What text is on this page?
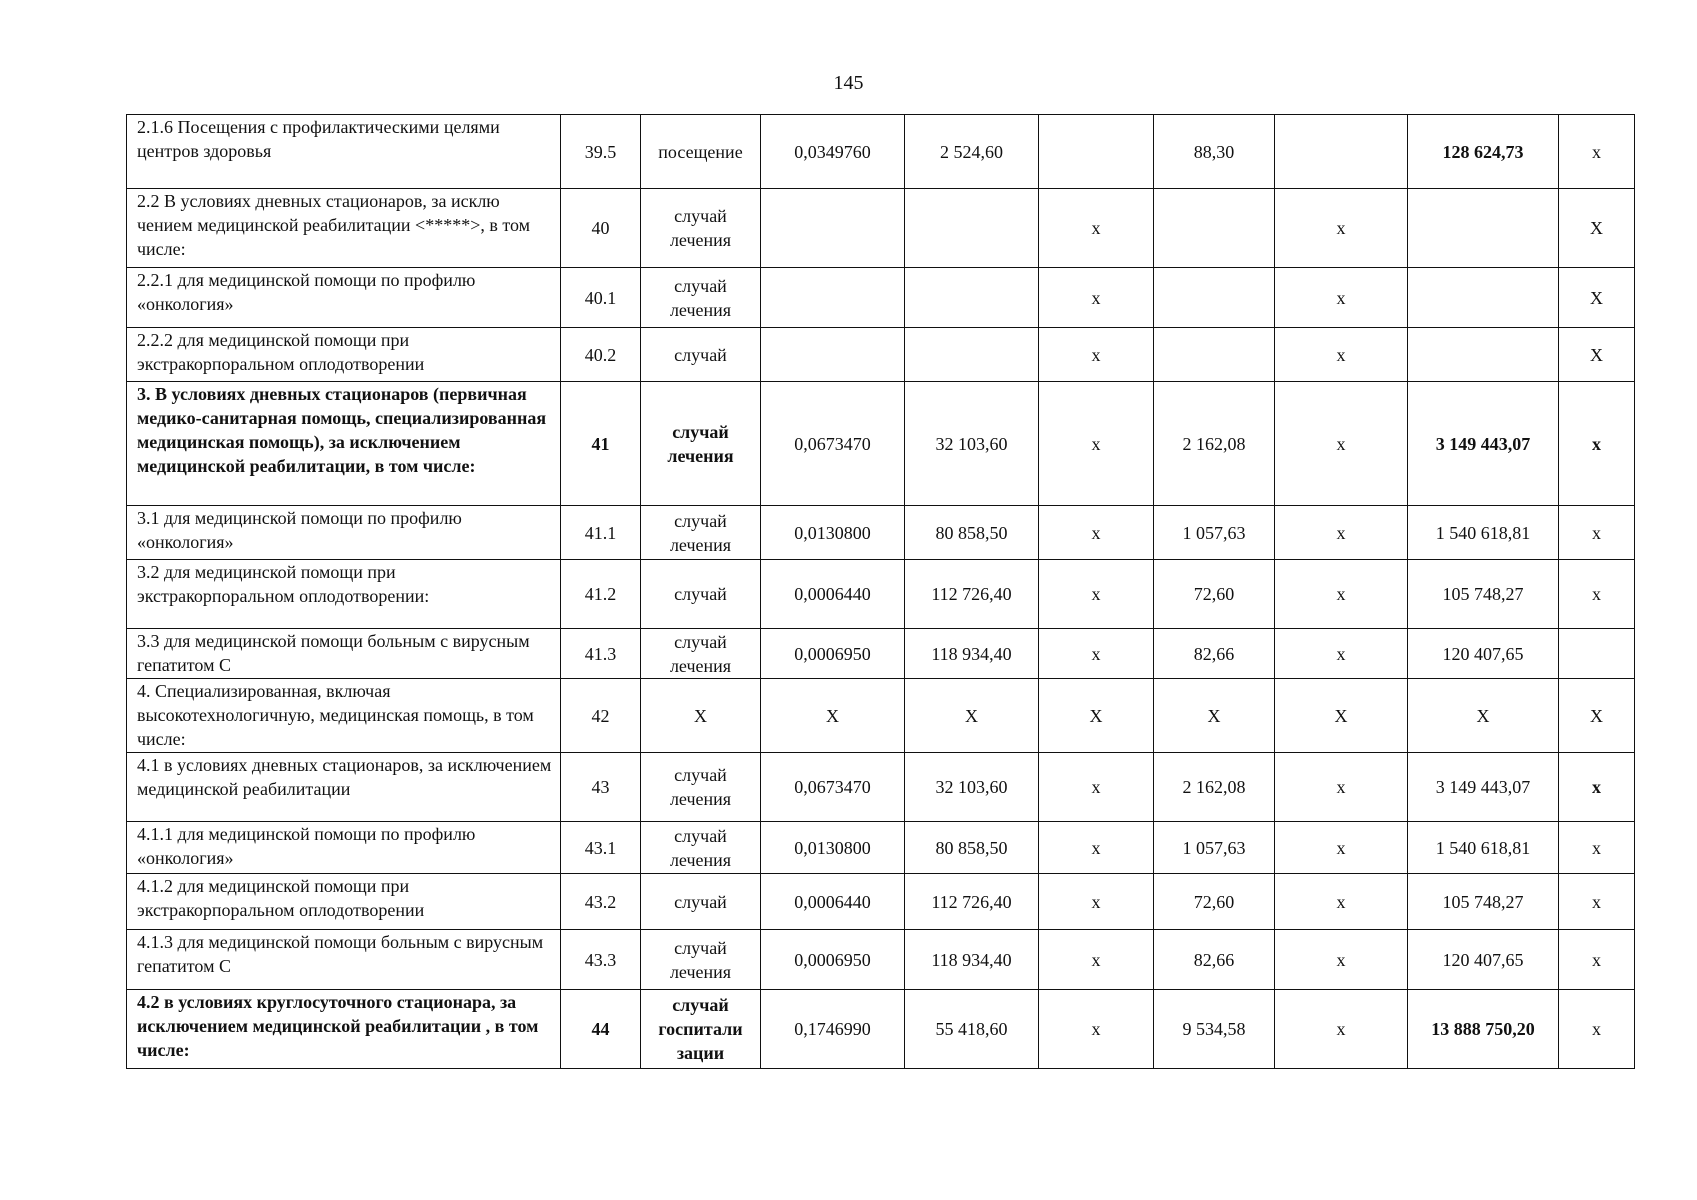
145
2.1.6 Посещения с профилактическими целями центров здоровья	39.5	посещение	0,0349760	2 524,60		88,30		128 624,73	х
2.2 В условиях дневных стационаров, за исклю чением медицинской реабилитации <*****>, в том числе:	40	случай лечения			х		х		Х
2.2.1 для медицинской помощи по профилю «онкология»	40.1	случай лечения			х		х		Х
2.2.2 для медицинской помощи при экстракорпоральном оплодотворении	40.2	случай			х		х		Х
3. В условиях дневных стационаров (первичная медико-санитарная помощь, специализированная медицинская помощь), за исключением медицинской реабилитации, в том числе:	41	случай лечения	0,0673470	32 103,60	х	2 162,08	х	3 149 443,07	х
3.1 для медицинской помощи по профилю «онкология»	41.1	случай лечения	0,0130800	80 858,50	х	1 057,63	х	1 540 618,81	х
3.2 для медицинской помощи при экстракорпоральном оплодотворении:	41.2	случай	0,0006440	112 726,40	х	72,60	х	105 748,27	х
3.3 для медицинской помощи больным с вирусным гепатитом С	41.3	случай лечения	0,0006950	118 934,40	х	82,66	х	120 407,65	
4. Специализированная, включая высокотехнологичную, медицинская помощь, в том числе:	42	Х	Х	Х	Х	Х	Х	Х	Х
4.1 в условиях дневных стационаров, за исключением медицинской реабилитации	43	случай лечения	0,0673470	32 103,60	х	2 162,08	х	3 149 443,07	х
4.1.1 для медицинской помощи по профилю «онкология»	43.1	случай лечения	0,0130800	80 858,50	х	1 057,63	х	1 540 618,81	х
4.1.2 для медицинской помощи при экстракорпоральном оплодотворении	43.2	случай	0,0006440	112 726,40	х	72,60	х	105 748,27	х
4.1.3 для медицинской помощи больным с вирусным гепатитом С	43.3	случай лечения	0,0006950	118 934,40	х	82,66	х	120 407,65	х
4.2 в условиях круглосуточного стационара, за исключением медицинской реабилитации , в том числе:	44	случай госпитали зации	0,1746990	55 418,60	х	9 534,58	х	13 888 750,20	х
